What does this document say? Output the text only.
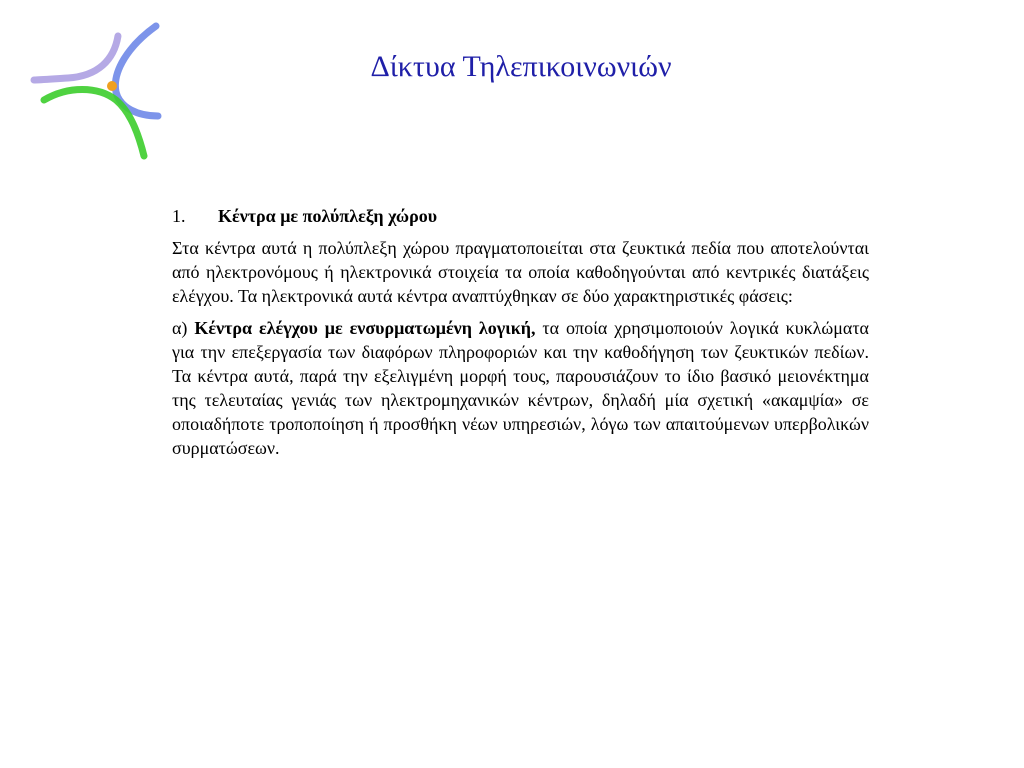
Δίκτυα Τηλεπικοινωνιών
1. Κέντρα με πολύπλεξη χώρου

Στα κέντρα αυτά η πολύπλεξη χώρου πραγματοποιείται στα ζευκτικά πεδία που αποτελούνται από ηλεκτρονόμους ή ηλεκτρονικά στοιχεία τα οποία καθοδηγούνται από κεντρικές διατάξεις ελέγχου. Τα ηλεκτρονικά αυτά κέντρα αναπτύχθηκαν σε δύο χαρακτηριστικές φάσεις:

α) Κέντρα ελέγχου με ενσυρματωμένη λογική, τα οποία χρησιμοποιούν λογικά κυκλώματα για την επεξεργασία των διαφόρων πληροφοριών και την καθοδήγηση των ζευκτικών πεδίων. Τα κέντρα αυτά, παρά την εξελιγμένη μορφή τους, παρουσιάζουν το ίδιο βασικό μειονέκτημα της τελευταίας γενιάς των ηλεκτρομηχανικών κέντρων, δηλαδή μία σχετική «ακαμψία» σε οποιαδήποτε τροποποίηση ή προσθήκη νέων υπηρεσιών, λόγω των απαιτούμενων υπερβολικών συρματώσεων.
